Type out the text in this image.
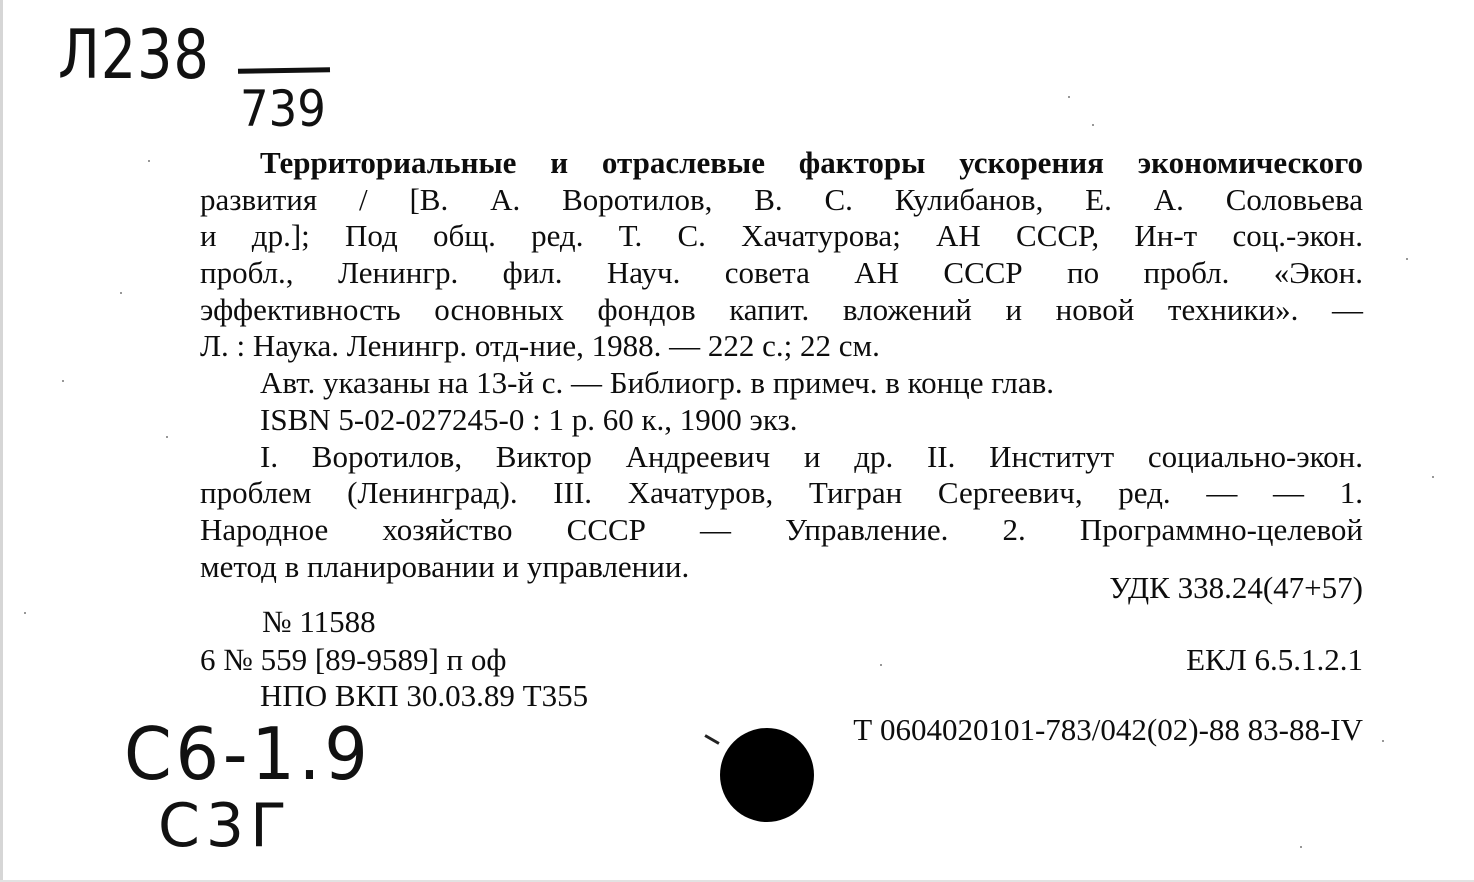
Л238
739
Территориальные и отраслевые факторы ускорения экономического
развития / [В. А. Воротилов, В. С. Кулибанов, Е. А. Соловьева
и др.]; Под общ. ред. Т. С. Хачатурова; АН СССР, Ин-т соц.-экон.
пробл., Ленингр. фил. Науч. совета АН СССР по пробл. «Экон.
эффективность основных фондов капит. вложений и новой техники». —
Л. : Наука. Ленингр. отд-ние, 1988. — 222 с.; 22 см.
Авт. указаны на 13-й с. — Библиогр. в примеч. в конце глав.
ISBN 5-02-027245-0 : 1 р. 60 к., 1900 экз.
I. Воротилов, Виктор Андреевич и др. II. Институт социально-экон.
проблем (Ленинград). III. Хачатуров, Тигран Сергеевич, ред. — — 1.
Народное хозяйство СССР — Управление. 2. Программно-целевой
метод в планировании и управлении.
УДК 338.24(47+57)
№ 11588
6 № 559 [89-9589] п оф
НПО ВКП 30.03.89 Т355
ЕКЛ 6.5.1.2.1
Т 0604020101-783/042(02)-88 83-88-IV
С6-1.9
С3Г
